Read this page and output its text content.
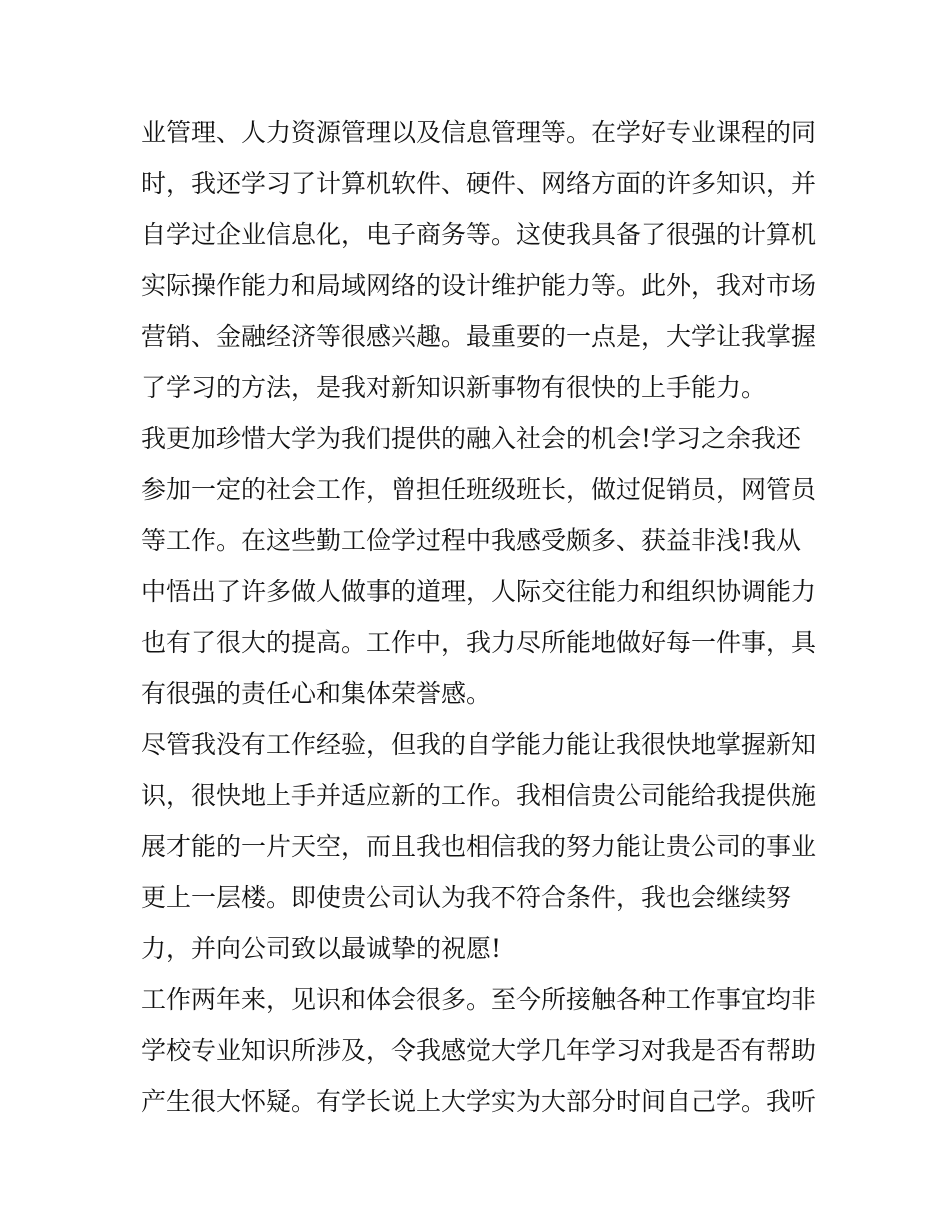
业管理、人力资源管理以及信息管理等。在学好专业课程的同
时，我还学习了计算机软件、硬件、网络方面的许多知识，并
自学过企业信息化，电子商务等。这使我具备了很强的计算机
实际操作能力和局域网络的设计维护能力等。此外，我对市场
营销、金融经济等很感兴趣。最重要的一点是，大学让我掌握
了学习的方法，是我对新知识新事物有很快的上手能力。
我更加珍惜大学为我们提供的融入社会的机会!学习之余我还
参加一定的社会工作，曾担任班级班长，做过促销员，网管员
等工作。在这些勤工俭学过程中我感受颇多、获益非浅!我从
中悟出了许多做人做事的道理，人际交往能力和组织协调能力
也有了很大的提高。工作中，我力尽所能地做好每一件事，具
有很强的责任心和集体荣誉感。
尽管我没有工作经验，但我的自学能力能让我很快地掌握新知
识，很快地上手并适应新的工作。我相信贵公司能给我提供施
展才能的一片天空，而且我也相信我的努力能让贵公司的事业
更上一层楼。即使贵公司认为我不符合条件，我也会继续努
力，并向公司致以最诚挚的祝愿!
工作两年来，见识和体会很多。至今所接触各种工作事宜均非
学校专业知识所涉及，令我感觉大学几年学习对我是否有帮助
产生很大怀疑。有学长说上大学实为大部分时间自己学。我听
